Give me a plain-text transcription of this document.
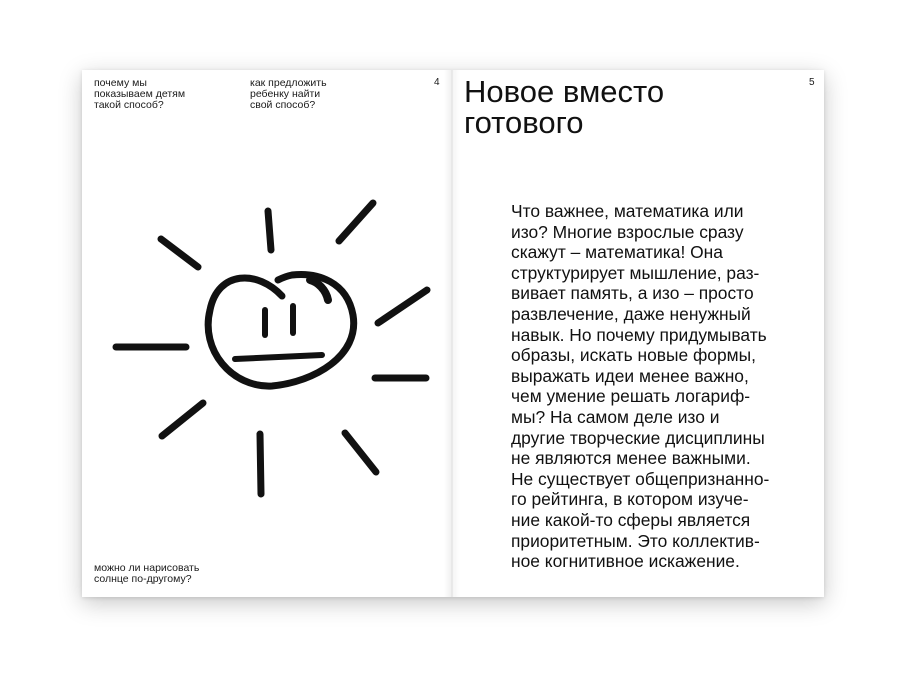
почему мы
показываем детям
такой способ?

как предложить
ребенку найти
свой способ?

4

можно ли нарисовать
солнце по-другому?

5
Новое вместо
готового

Что важнее, математика или
изо? Многие взрослые сразу
скажут – математика! Она
структурирует мышление, раз-
вивает память, а изо – просто
развлечение, даже ненужный
навык. Но почему придумывать
образы, искать новые формы,
выражать идеи менее важно,
чем умение решать логариф-
мы? На самом деле изо и
другие творческие дисциплины
не являются менее важными.
Не существует общепризнанно-
го рейтинга, в котором изуче-
ние какой-то сферы является
приоритетным. Это коллектив-
ное когнитивное искажение.
